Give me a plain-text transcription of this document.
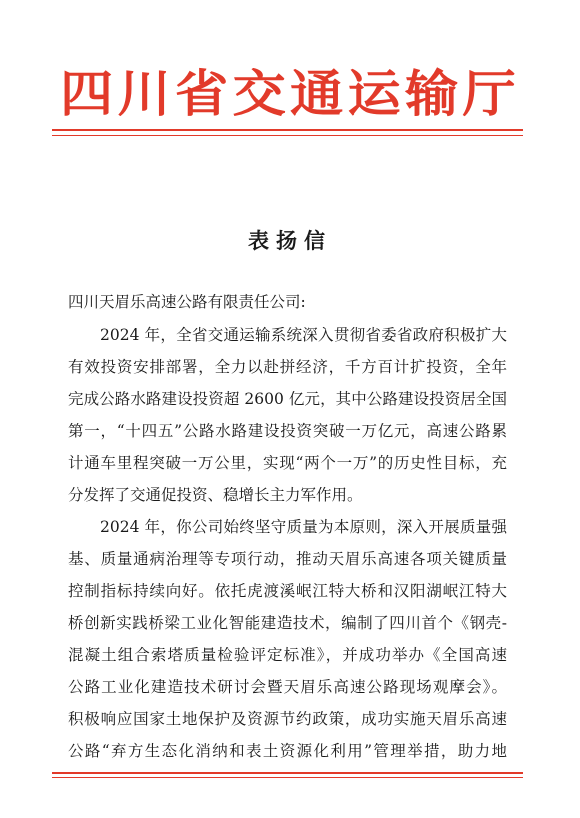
四川省交通运输厅
表扬信
四川天眉乐高速公路有限责任公司:
2024 年，全省交通运输系统深入贯彻省委省政府积极扩大
有效投资安排部署，全力以赴拼经济，千方百计扩投资，全年
完成公路水路建设投资超 2600 亿元，其中公路建设投资居全国
第一，“十四五”公路水路建设投资突破一万亿元，高速公路累
计通车里程突破一万公里，实现“两个一万”的历史性目标，充
分发挥了交通促投资、稳增长主力军作用。
2024 年，你公司始终坚守质量为本原则，深入开展质量强
基、质量通病治理等专项行动，推动天眉乐高速各项关键质量
控制指标持续向好。依托虎渡溪岷江特大桥和汉阳湖岷江特大
桥创新实践桥梁工业化智能建造技术，编制了四川首个《钢壳-
混凝土组合索塔质量检验评定标准》，并成功举办《全国高速
公路工业化建造技术研讨会暨天眉乐高速公路现场观摩会》。
积极响应国家土地保护及资源节约政策，成功实施天眉乐高速
公路“弃方生态化消纳和表土资源化利用”管理举措，助力地
